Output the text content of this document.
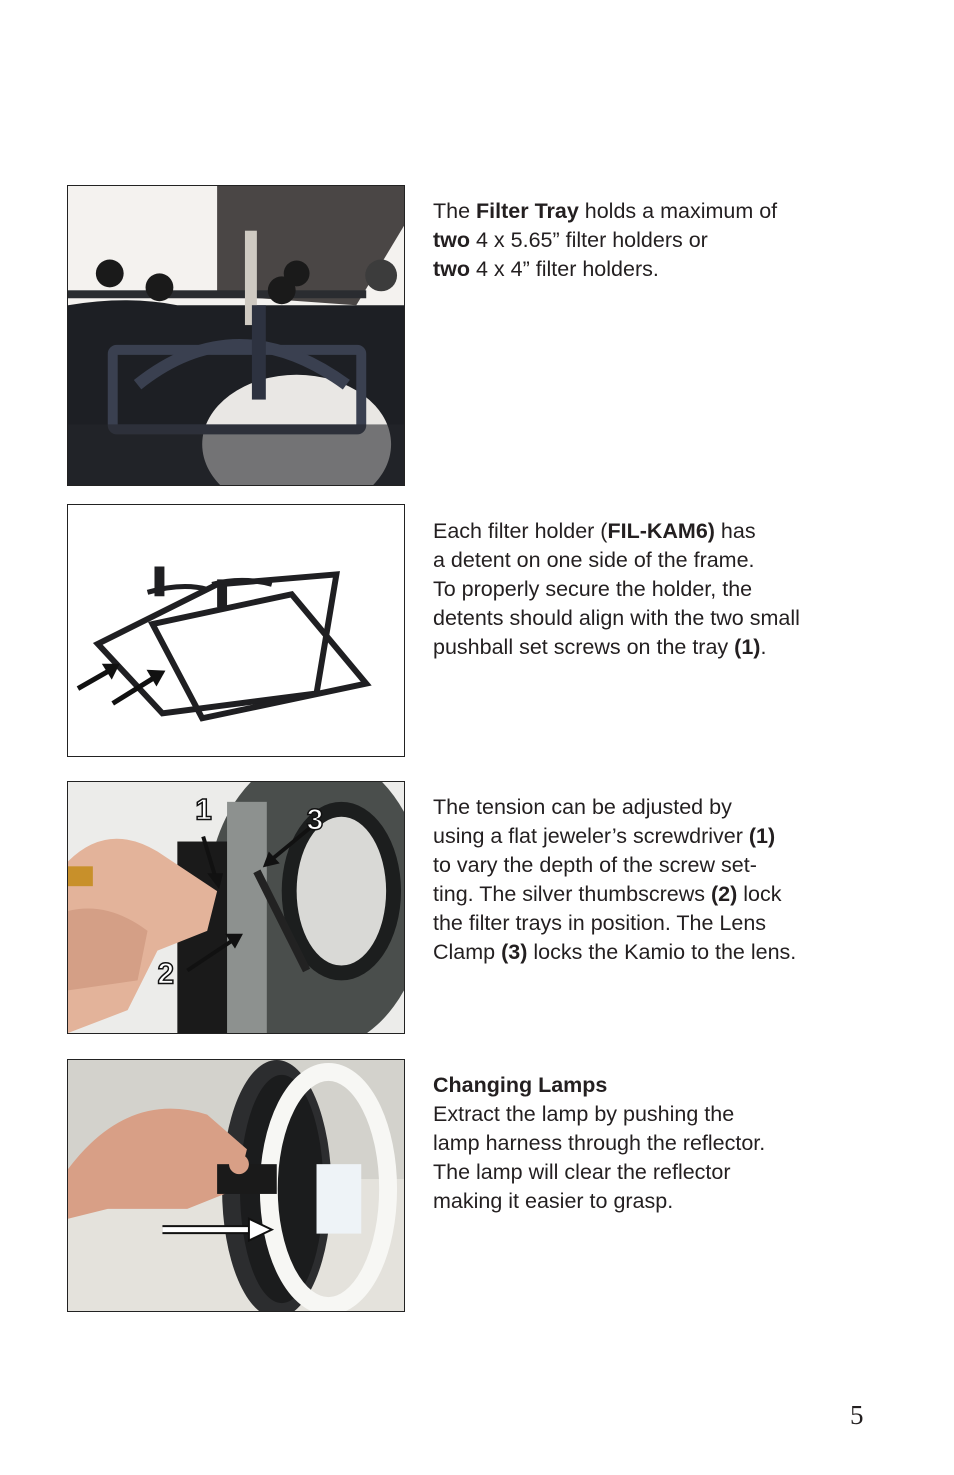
The Filter Tray holds a maximum of

two 4 x 5.65” filter holders or

two 4 x 4” filter holders.

Each filter holder (FIL-KAM6) has

a detent on one side of the frame.

To properly secure the holder, the

detents should align with the two small

pushball set screws on the tray (1).

1	3
2

The tension can be adjusted by

using a flat jeweler’s screwdriver (1)

to vary the depth of the screw set-

ting. The silver thumbscrews (2) lock

the filter trays in position. The Lens

Clamp (3) locks the Kamio to the lens.

Changing Lamps

Extract the lamp by pushing the

lamp harness through the reflector.

The lamp will clear the reflector

making it easier to grasp.

5
